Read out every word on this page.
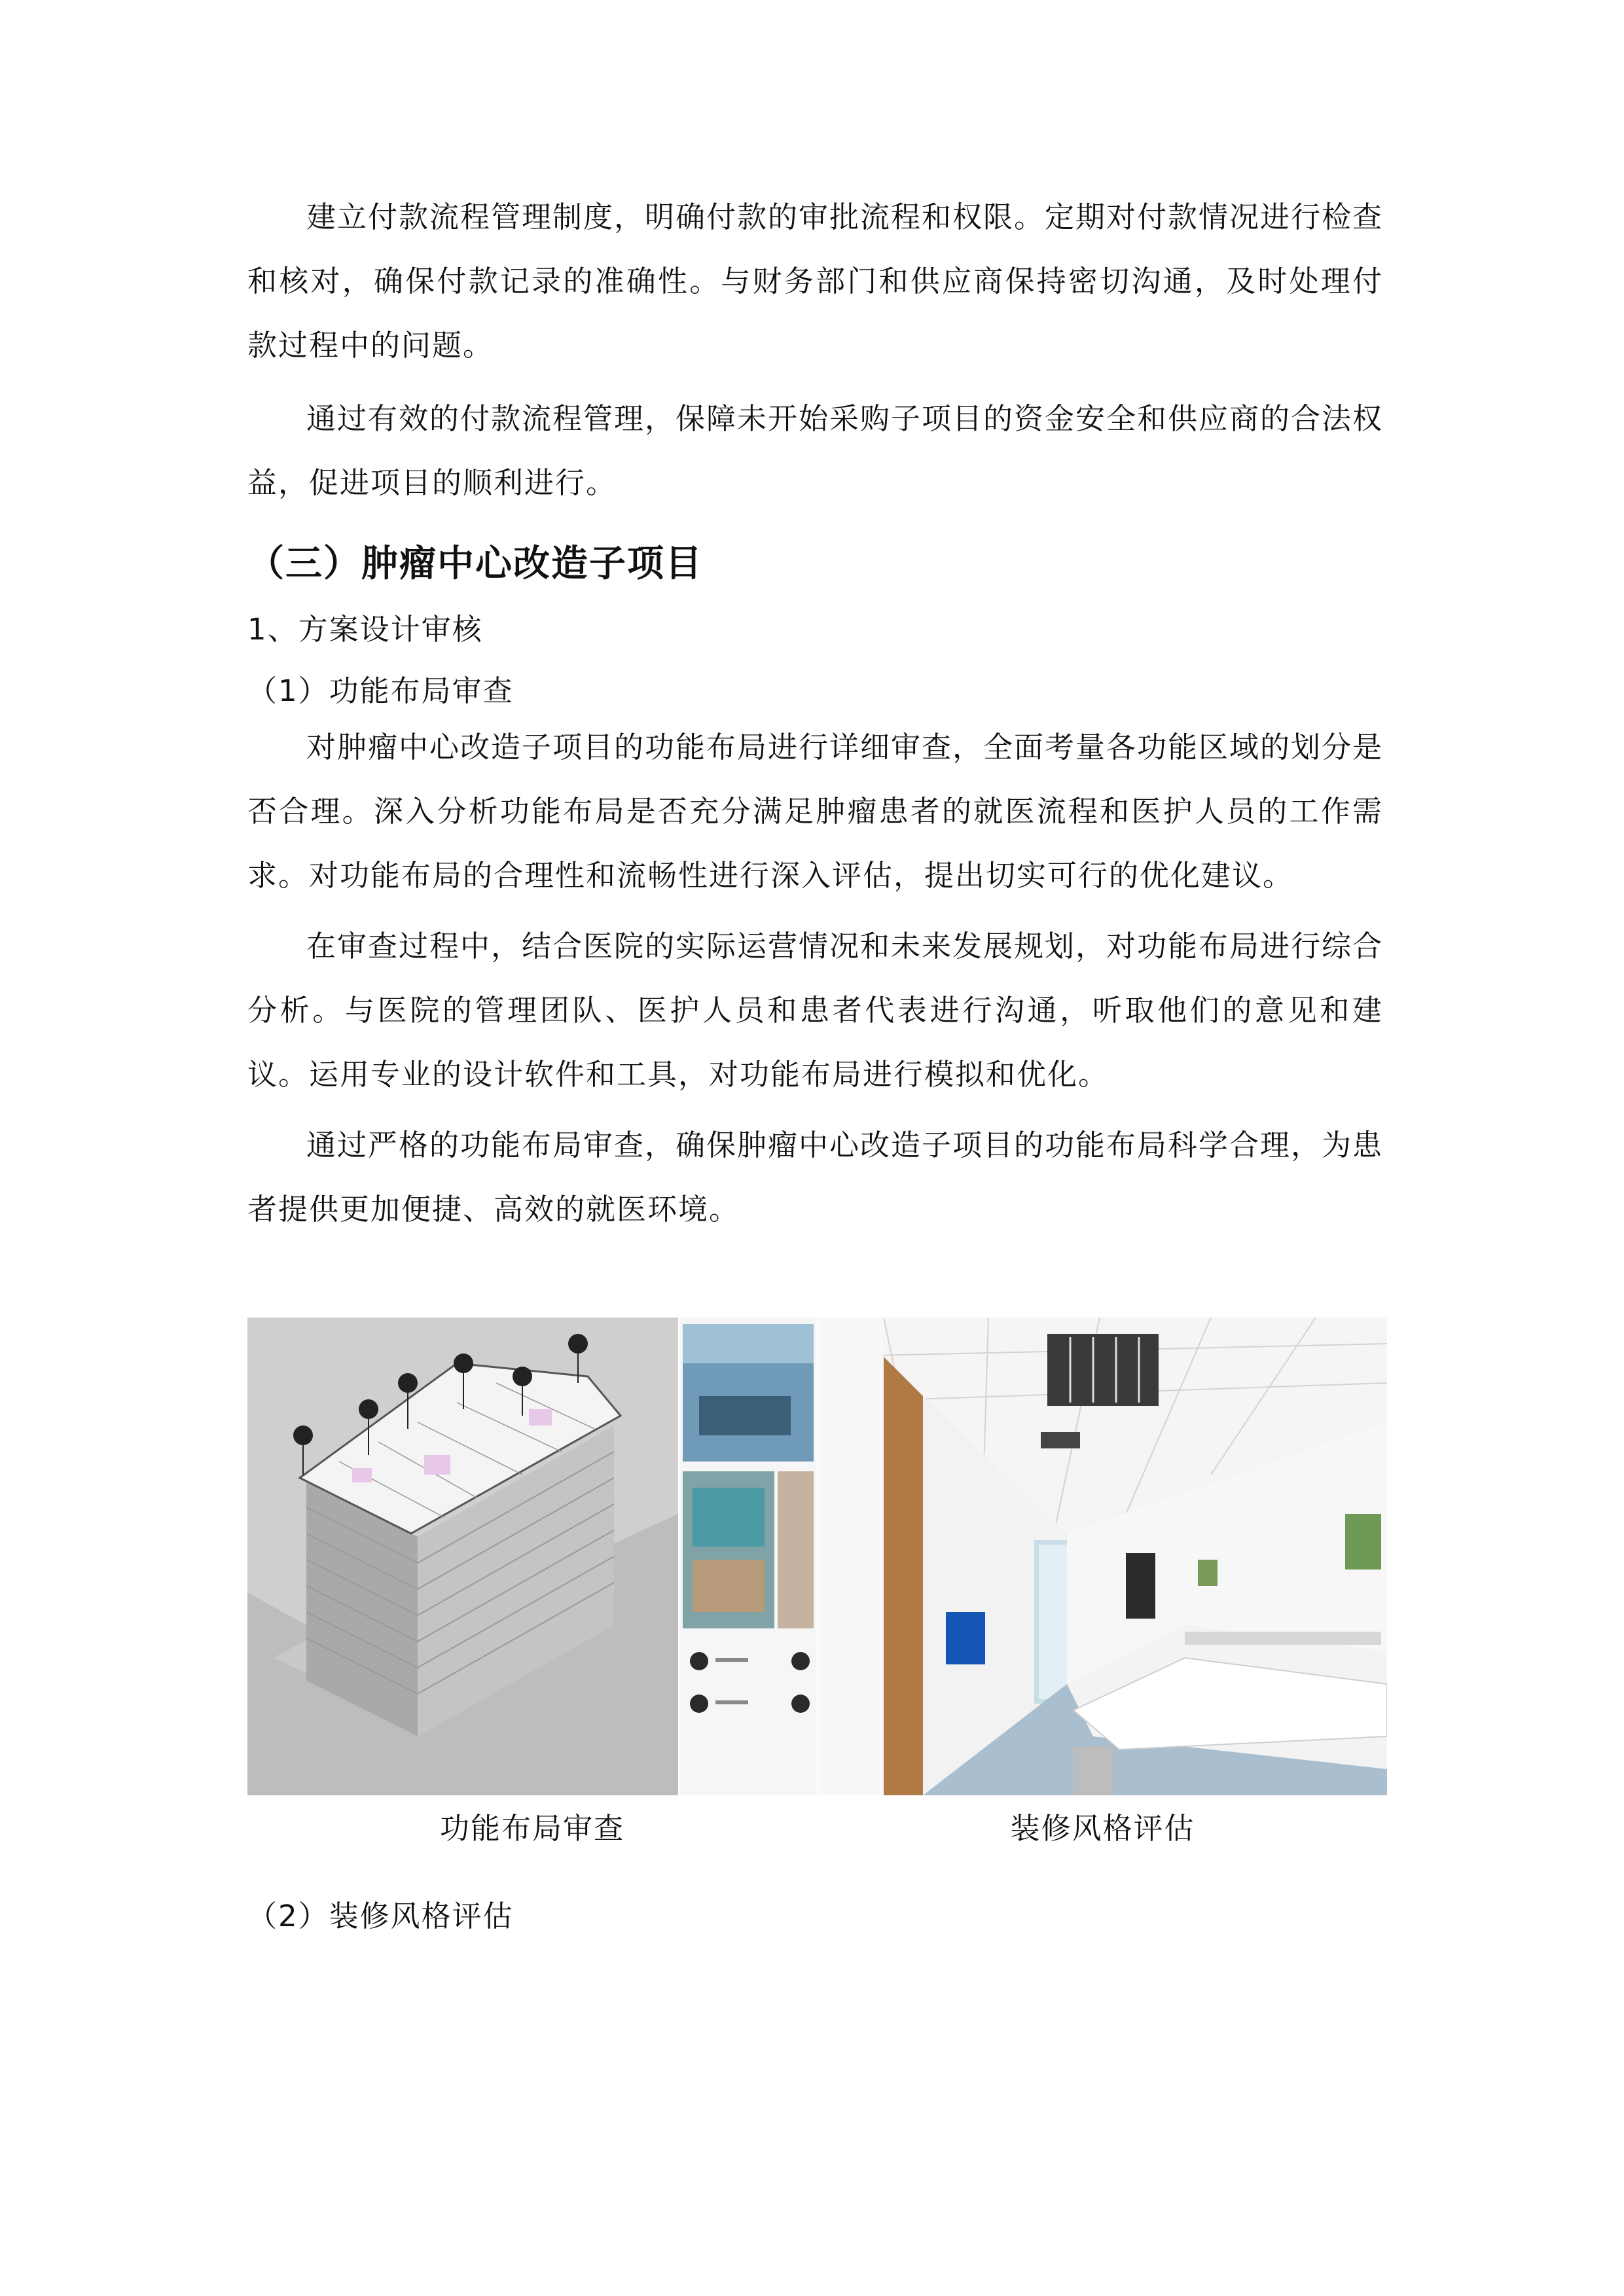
建立付款流程管理制度，明确付款的审批流程和权限。定期对付款情况进行检查和核对，确保付款记录的准确性。与财务部门和供应商保持密切沟通，及时处理付款过程中的问题。

通过有效的付款流程管理，保障未开始采购子项目的资金安全和供应商的合法权益，促进项目的顺利进行。

（三）肿瘤中心改造子项目
1、方案设计审核
（1）功能布局审查

对肿瘤中心改造子项目的功能布局进行详细审查，全面考量各功能区域的划分是否合理。深入分析功能布局是否充分满足肿瘤患者的就医流程和医护人员的工作需求。对功能布局的合理性和流畅性进行深入评估，提出切实可行的优化建议。

在审查过程中，结合医院的实际运营情况和未来发展规划，对功能布局进行综合分析。与医院的管理团队、医护人员和患者代表进行沟通，听取他们的意见和建议。运用专业的设计软件和工具，对功能布局进行模拟和优化。

通过严格的功能布局审查，确保肿瘤中心改造子项目的功能布局科学合理，为患者提供更加便捷、高效的就医环境。

功能布局审查	装修风格评估
（2）装修风格评估
